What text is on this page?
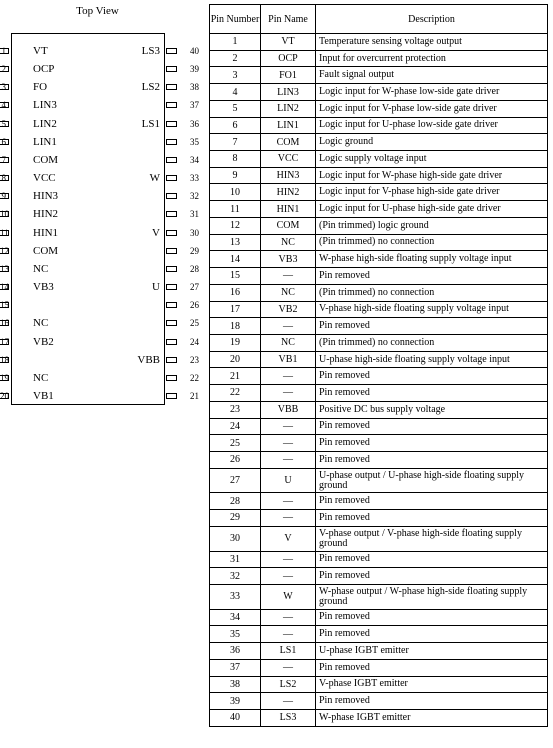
Top View
1 VT
2 OCP
3 FO
4 LIN3
5 LIN2
6 LIN1
7 COM
8 VCC
9 HIN3
10 HIN2
11 HIN1
12 COM
13 NC
14 VB3
15
16 NC
17 VB2
18
19 NC
20 VB1
40
LS3
39
38
LS2
37
36
LS1
35
34
33
W
32
31
30
V
29
28
27
U
26
25
24
23
VBB
22
21
Pin Number	Pin Name	Description
1	VT	Temperature sensing voltage output
2	OCP	Input for overcurrent protection
3	FO1	Fault signal output
4	LIN3	Logic input for W-phase low-side gate driver
5	LIN2	Logic input for V-phase low-side gate driver
6	LIN1	Logic input for U-phase low-side gate driver
7	COM	Logic ground
8	VCC	Logic supply voltage input
9	HIN3	Logic input for W-phase high-side gate driver
10	HIN2	Logic input for V-phase high-side gate driver
11	HIN1	Logic input for U-phase high-side gate driver
12	COM	(Pin trimmed) logic ground
13	NC	(Pin trimmed) no connection
14	VB3	W-phase high-side floating supply voltage input
15	—	Pin removed
16	NC	(Pin trimmed) no connection
17	VB2	V-phase high-side floating supply voltage input
18	—	Pin removed
19	NC	(Pin trimmed) no connection
20	VB1	U-phase high-side floating supply voltage input
21	—	Pin removed
22	—	Pin removed
23	VBB	Positive DC bus supply voltage
24	—	Pin removed
25	—	Pin removed
26	—	Pin removed
27	U	U-phase output / U-phase high-side floating supply ground
28	—	Pin removed
29	—	Pin removed
30	V	V-phase output / V-phase high-side floating supply ground
31	—	Pin removed
32	—	Pin removed
33	W	W-phase output / W-phase high-side floating supply ground
34	—	Pin removed
35	—	Pin removed
36	LS1	U-phase IGBT emitter
37	—	Pin removed
38	LS2	V-phase IGBT emitter
39	—	Pin removed
40	LS3	W-phase IGBT emitter
